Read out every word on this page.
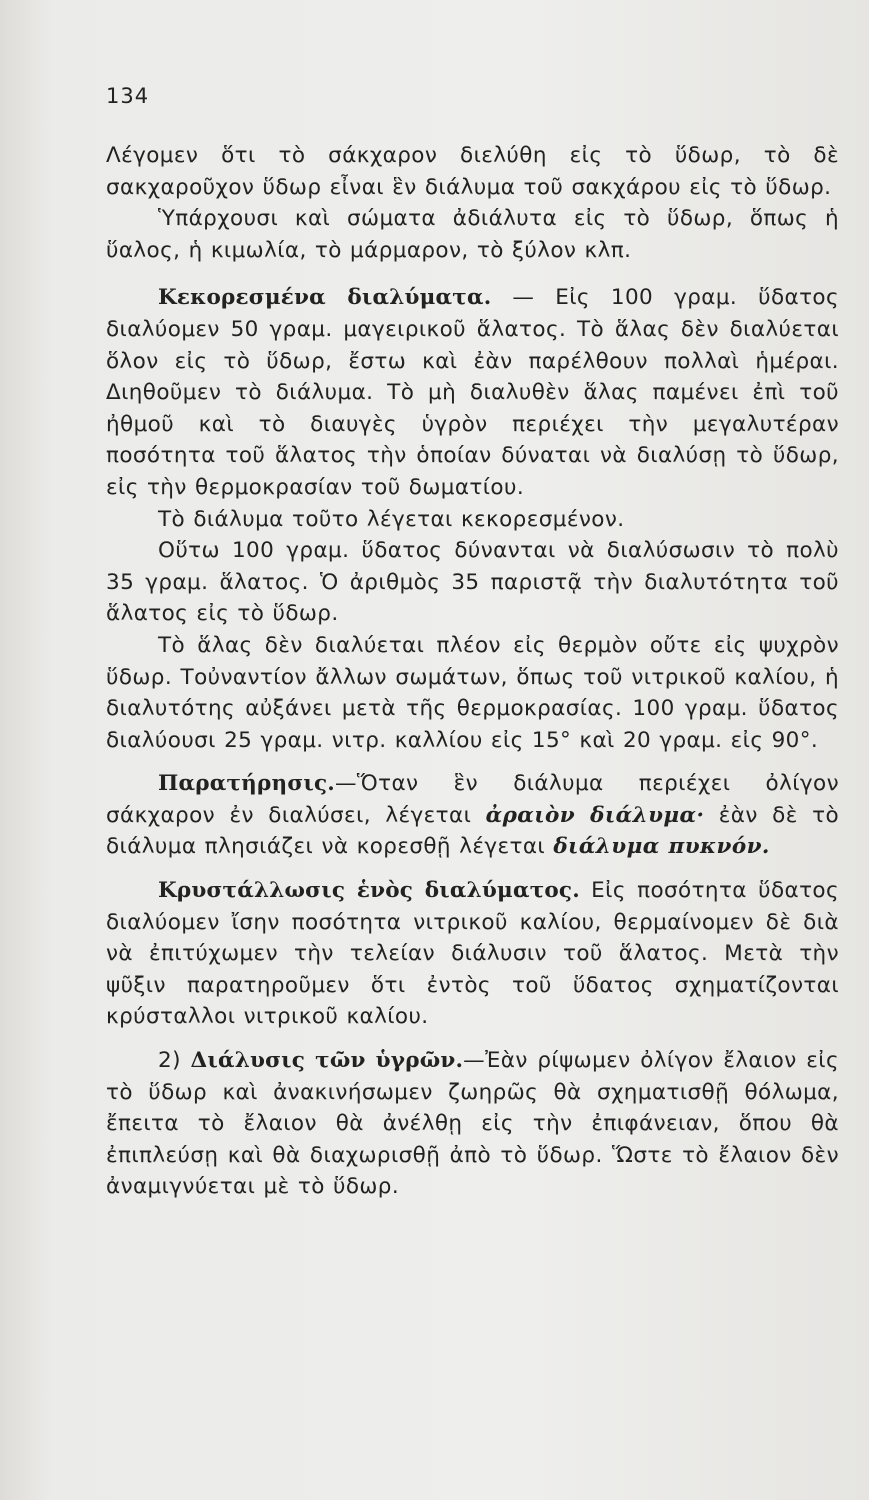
134

Λέγομεν ὅτι τὸ σάκχαρον διελύθη εἰς τὸ ὕδωρ, τὸ δὲ σακχαροῦχον ὕδωρ εἶναι ἓν διάλυμα τοῦ σακχάρου εἰς τὸ ὕδωρ.

Ὑπάρχουσι καὶ σώματα ἀδιάλυτα εἰς τὸ ὕδωρ, ὅπως ἡ ὕαλος, ἡ κιμωλία, τὸ μάρμαρον, τὸ ξύλον κλπ.

Κεκορεσμένα διαλύματα. — Εἰς 100 γραμ. ὕδατος διαλύομεν 50 γραμ. μαγειρικοῦ ἅλατος. Τὸ ἅλας δὲν διαλύεται ὅλον εἰς τὸ ὕδωρ, ἔστω καὶ ἐὰν παρέλθουν πολλαὶ ἡμέραι. Διηθοῦμεν τὸ διάλυμα. Τὸ μὴ διαλυθὲν ἅλας παμένει ἐπὶ τοῦ ἠθμοῦ καὶ τὸ διαυγὲς ὑγρὸν περιέχει τὴν μεγαλυτέραν ποσότητα τοῦ ἅλατος τὴν ὁποίαν δύναται νὰ διαλύσῃ τὸ ὕδωρ, εἰς τὴν θερμοκρασίαν τοῦ δωματίου.

Τὸ διάλυμα τοῦτο λέγεται κεκορεσμένον.

Οὕτω 100 γραμ. ὕδατος δύνανται νὰ διαλύσωσιν τὸ πολὺ 35 γραμ. ἅλατος. Ὁ ἀριθμὸς 35 παριστᾷ τὴν διαλυτότητα τοῦ ἅλατος εἰς τὸ ὕδωρ.

Τὸ ἅλας δὲν διαλύεται πλέον εἰς θερμὸν οὔτε εἰς ψυχρὸν ὕδωρ. Τοὐναντίον ἄλλων σωμάτων, ὅπως τοῦ νιτρικοῦ καλίου, ἡ διαλυτότης αὐξάνει μετὰ τῆς θερμοκρασίας. 100 γραμ. ὕδατος διαλύουσι 25 γραμ. νιτρ. καλλίου εἰς 15° καὶ 20 γραμ. εἰς 90°.

Παρατήρησις.—Ὅταν ἓν διάλυμα περιέχει ὀλίγον σάκχαρον ἐν διαλύσει, λέγεται ἀραιὸν διάλυμα· ἐὰν δὲ τὸ διάλυμα πλησιάζει νὰ κορεσθῇ λέγεται διάλυμα πυκνόν.

Κρυστάλλωσις ἑνὸς διαλύματος. Εἰς ποσότητα ὕδατος διαλύομεν ἴσην ποσότητα νιτρικοῦ καλίου, θερμαίνομεν δὲ διὰ νὰ ἐπιτύχωμεν τὴν τελείαν διάλυσιν τοῦ ἅλατος. Μετὰ τὴν ψῦξιν παρατηροῦμεν ὅτι ἐντὸς τοῦ ὕδατος σχηματίζονται κρύσταλλοι νιτρικοῦ καλίου.

2) Διάλυσις τῶν ὑγρῶν.—Ἐὰν ρίψωμεν ὀλίγον ἔλαιον εἰς τὸ ὕδωρ καὶ ἀνακινήσωμεν ζωηρῶς θὰ σχηματισθῇ θόλωμα, ἔπειτα τὸ ἔλαιον θὰ ἀνέλθῃ εἰς τὴν ἐπιφάνειαν, ὅπου θὰ ἐπιπλεύσῃ καὶ θὰ διαχωρισθῇ ἀπὸ τὸ ὕδωρ. Ὥστε τὸ ἔλαιον δὲν ἀναμιγνύεται μὲ τὸ ὕδωρ.
